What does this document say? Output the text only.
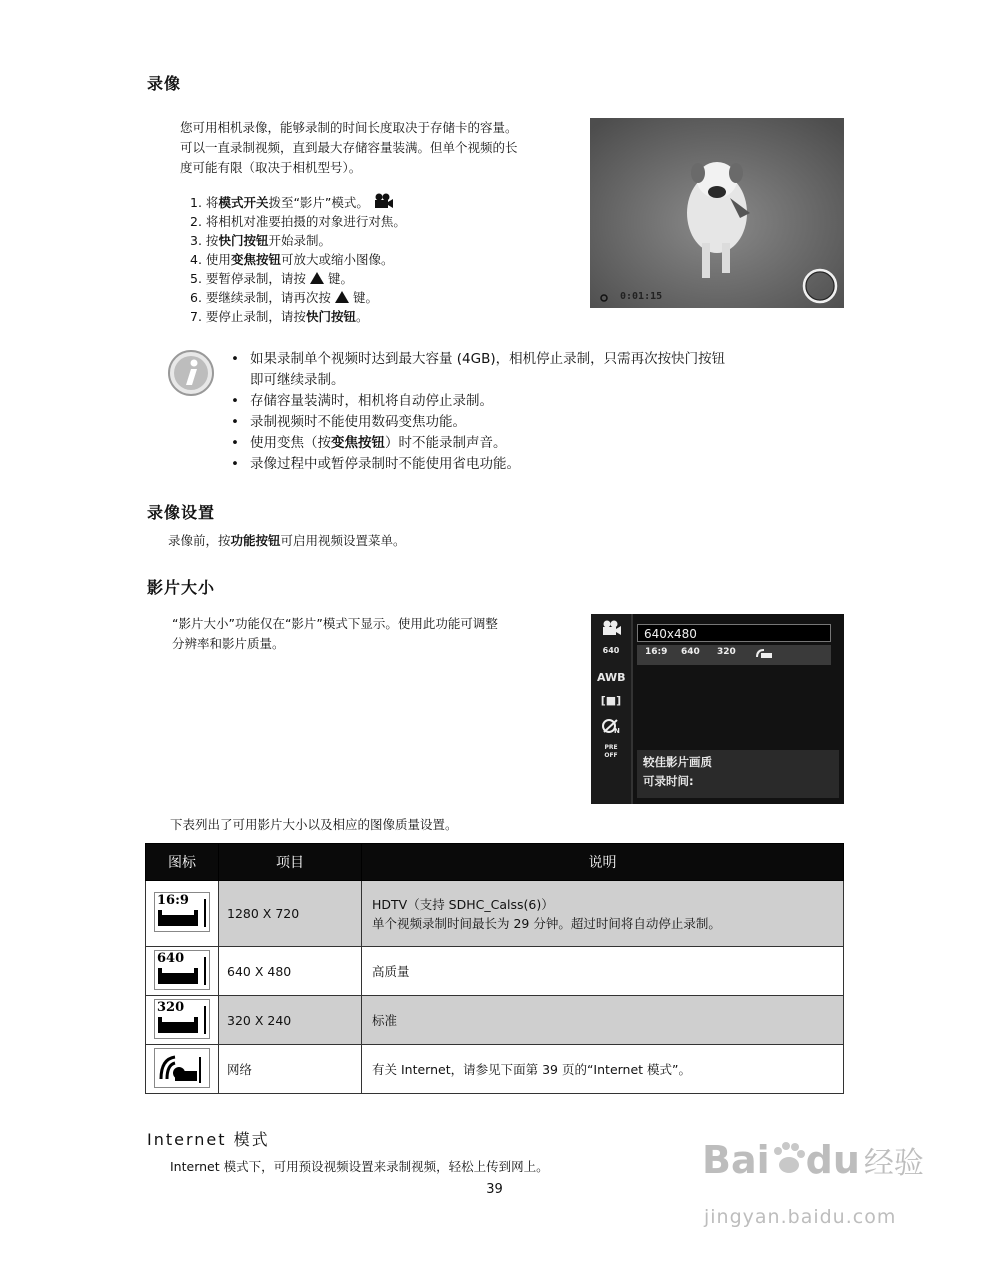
录像
您可用相机录像，能够录制的时间长度取决于存储卡的容量。
可以一直录制视频，直到最大存储容量装满。但单个视频的长
度可能有限（取决于相机型号）。
1. 将模式开关拨至“影片”模式。
2. 将相机对准要拍摄的对象进行对焦。
3. 按快门按钮开始录制。
4. 使用变焦按钮可放大或缩小图像。
5. 要暂停录制，请按 键。
6. 要继续录制，请再次按 键。
7. 要停止录制，请按快门按钮。
0:01:15
• 如果录制单个视频时达到最大容量 (4GB)，相机停止录制，只需再次按快门按钮
即可继续录制。
• 存储容量装满时，相机将自动停止录制。
• 录制视频时不能使用数码变焦功能。
• 使用变焦（按变焦按钮）时不能录制声音。
• 录像过程中或暂停录制时不能使用省电功能。
录像设置
录像前，按功能按钮可启用视频设置菜单。
影片大小
“影片大小”功能仅在“影片”模式下显示。使用此功能可调整
分辨率和影片质量。	640
AWB
[■]
N
PRE OFF
640x480
16:9 640 320
较佳影片画质
可录时间:
下表列出了可用影片大小以及相应的图像质量设置。
图标	项目	说明

16:9	1280 X 720	HDTV（支持 SDHC_Calss(6)）
单个视频录制时间最长为 29 分钟。超过时间将自动停止录制。

640	640 X 480	高质量

320	320 X 240	标准
	网络	有关 Internet，请参见下面第 39 页的“Internet 模式”。
Internet 模式
Internet 模式下，可用预设视频设置来录制视频，轻松上传到网上。
39
Bai du 经验
jingyan.baidu.com
